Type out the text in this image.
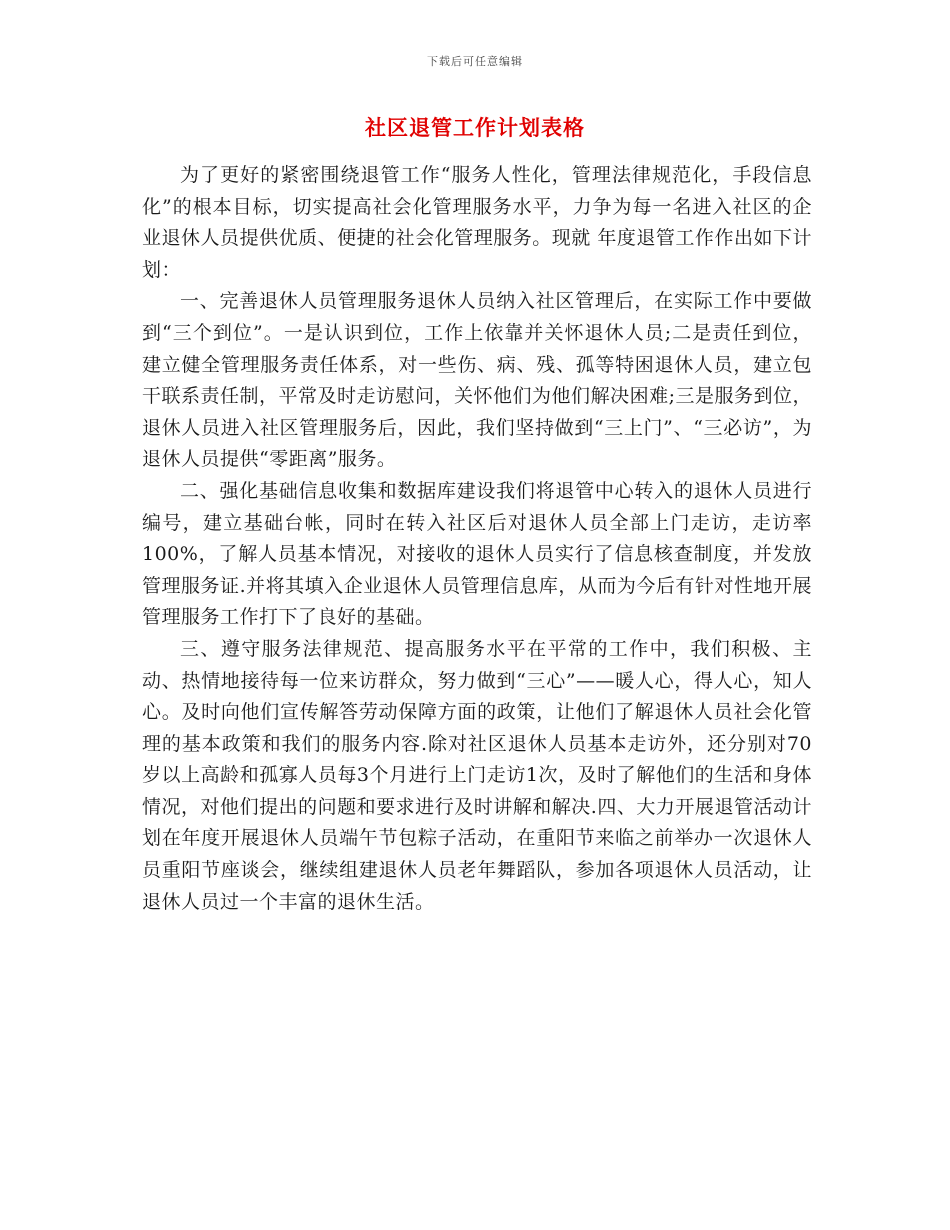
下载后可任意编辑
社区退管工作计划表格

为了更好的紧密围绕退管工作“服务人性化，管理法律规范化，手段信息化”的根本目标，切实提高社会化管理服务水平，力争为每一名进入社区的企业退休人员提供优质、便捷的社会化管理服务。现就 年度退管工作作出如下计划：

一、完善退休人员管理服务退休人员纳入社区管理后，在实际工作中要做到“三个到位”。一是认识到位，工作上依靠并关怀退休人员;二是责任到位，建立健全管理服务责任体系，对一些伤、病、残、孤等特困退休人员，建立包干联系责任制，平常及时走访慰问，关怀他们为他们解决困难;三是服务到位，退休人员进入社区管理服务后，因此，我们坚持做到“三上门”、“三必访”，为退休人员提供“零距离”服务。

二、强化基础信息收集和数据库建设我们将退管中心转入的退休人员进行编号，建立基础台帐，同时在转入社区后对退休人员全部上门走访，走访率100%，了解人员基本情况，对接收的退休人员实行了信息核查制度，并发放管理服务证.并将其填入企业退休人员管理信息库，从而为今后有针对性地开展管理服务工作打下了良好的基础。

三、遵守服务法律规范、提高服务水平在平常的工作中，我们积极、主动、热情地接待每一位来访群众，努力做到“三心”——暖人心，得人心，知人心。及时向他们宣传解答劳动保障方面的政策，让他们了解退休人员社会化管理的基本政策和我们的服务内容.除对社区退休人员基本走访外，还分别对70岁以上高龄和孤寡人员每3个月进行上门走访1次，及时了解他们的生活和身体情况，对他们提出的问题和要求进行及时讲解和解决.四、大力开展退管活动计划在年度开展退休人员端午节包粽子活动，在重阳节来临之前举办一次退休人员重阳节座谈会，继续组建退休人员老年舞蹈队，参加各项退休人员活动，让退休人员过一个丰富的退休生活。
